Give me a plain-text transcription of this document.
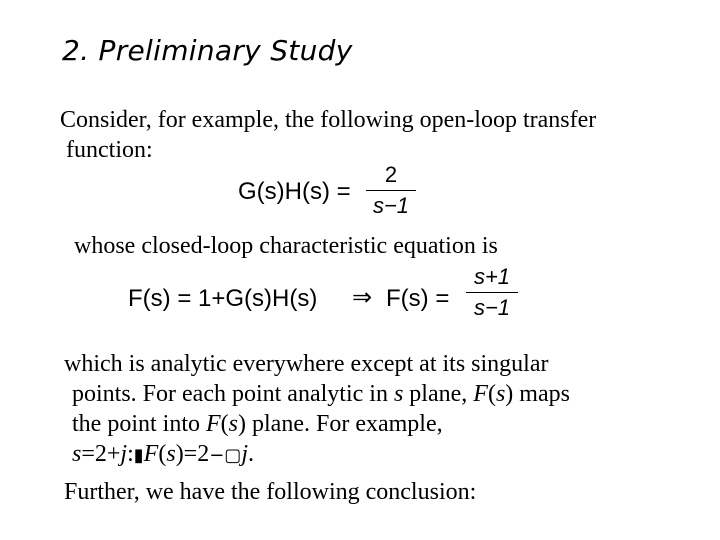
2. Preliminary Study
Consider, for example, the following open-loop transfer
function:
G(s)H(s) =
2
s−1
whose closed-loop characteristic equation is
F(s) = 1+G(s)H(s) ⇒ F(s) =
s+1
s−1
which is analytic everywhere except at its singular
points. For each point analytic in s plane, F(s) maps
the point into F(s) plane. For example,
s=2+j:▮F(s)=2−▢j.
Further, we have the following conclusion:
